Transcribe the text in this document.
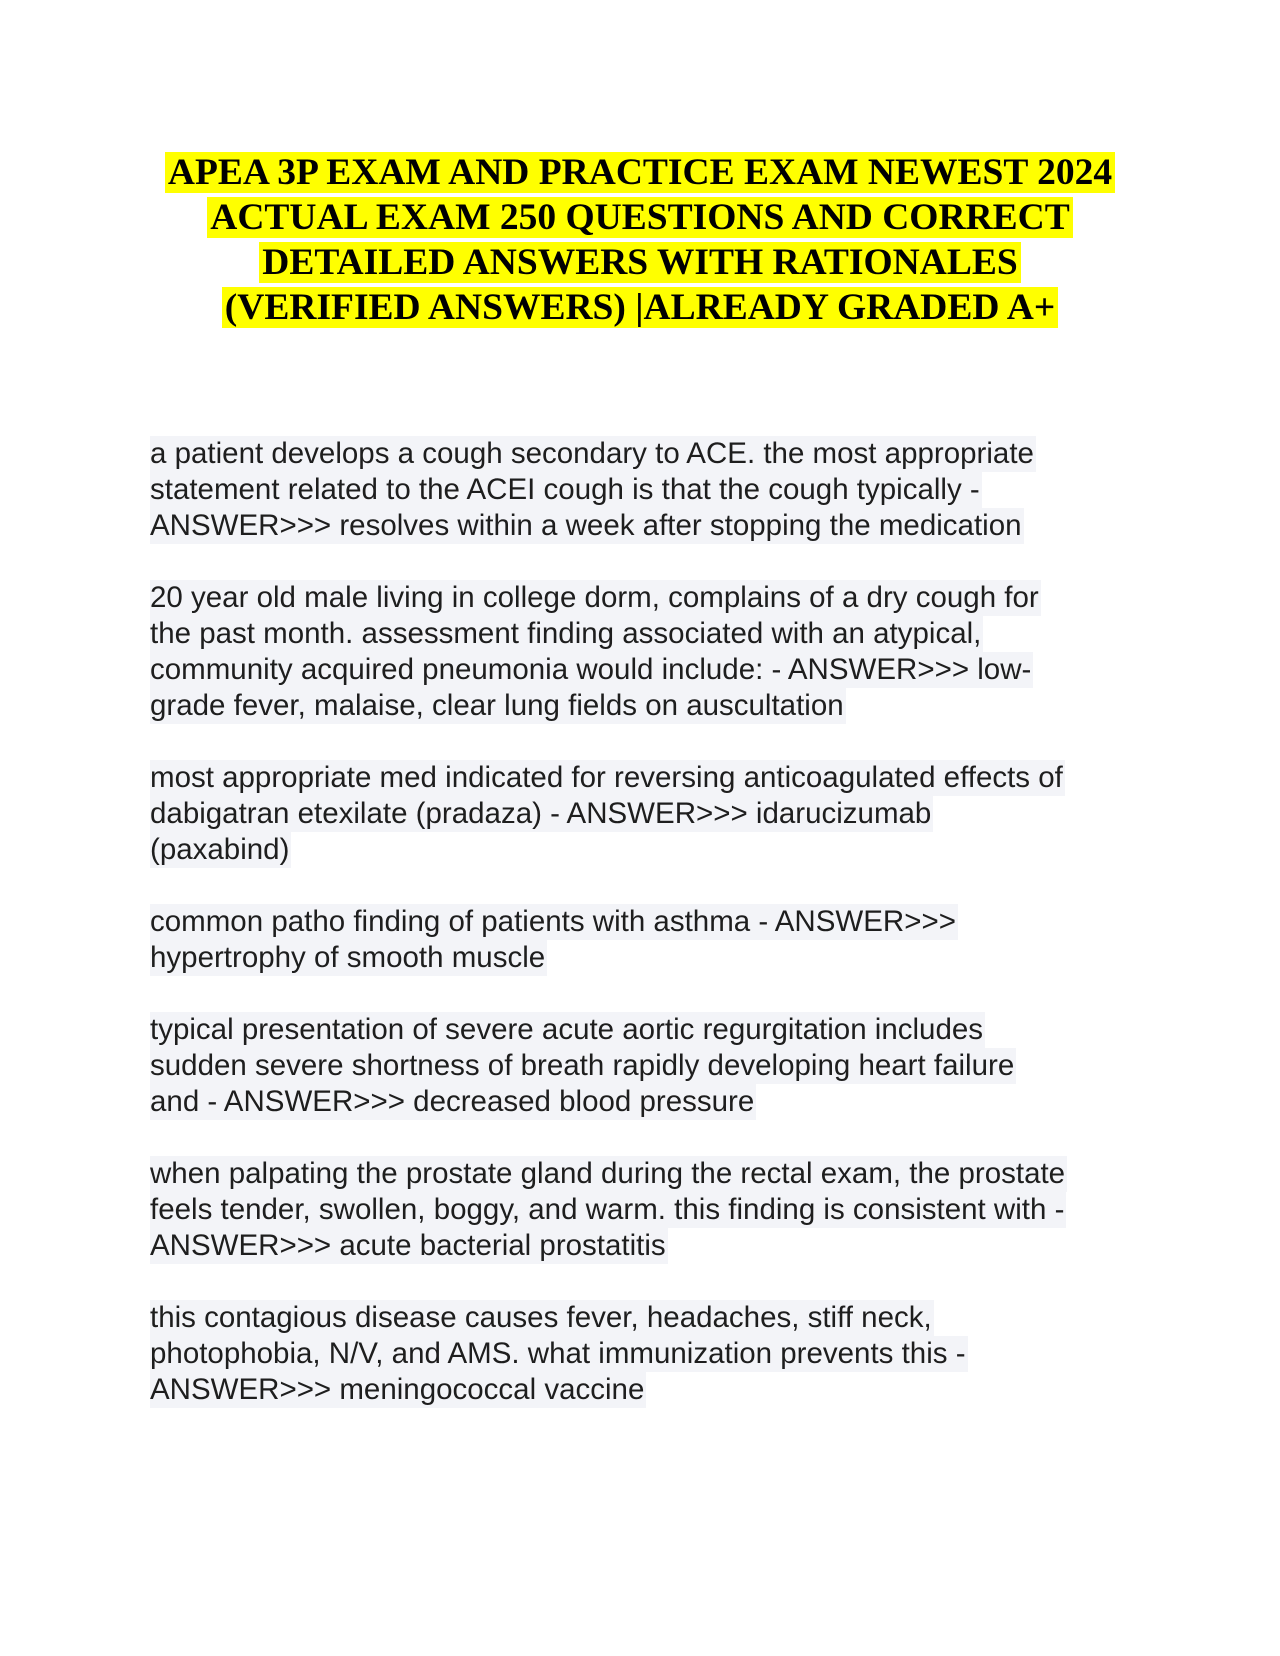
APEA 3P EXAM AND PRACTICE EXAM NEWEST 2024
ACTUAL EXAM 250 QUESTIONS AND CORRECT
DETAILED ANSWERS WITH RATIONALES
(VERIFIED ANSWERS) |ALREADY GRADED A+
a patient develops a cough secondary to ACE. the most appropriate
statement related to the ACEI cough is that the cough typically -
ANSWER>>> resolves within a week after stopping the medication
20 year old male living in college dorm, complains of a dry cough for
the past month. assessment finding associated with an atypical,
community acquired pneumonia would include: - ANSWER>>> low-
grade fever, malaise, clear lung fields on auscultation
most appropriate med indicated for reversing anticoagulated effects of
dabigatran etexilate (pradaza) - ANSWER>>> idarucizumab
(paxabind)
common patho finding of patients with asthma - ANSWER>>>
hypertrophy of smooth muscle
typical presentation of severe acute aortic regurgitation includes
sudden severe shortness of breath rapidly developing heart failure
and - ANSWER>>> decreased blood pressure
when palpating the prostate gland during the rectal exam, the prostate
feels tender, swollen, boggy, and warm. this finding is consistent with -
ANSWER>>> acute bacterial prostatitis
this contagious disease causes fever, headaches, stiff neck,
photophobia, N/V, and AMS. what immunization prevents this -
ANSWER>>> meningococcal vaccine
